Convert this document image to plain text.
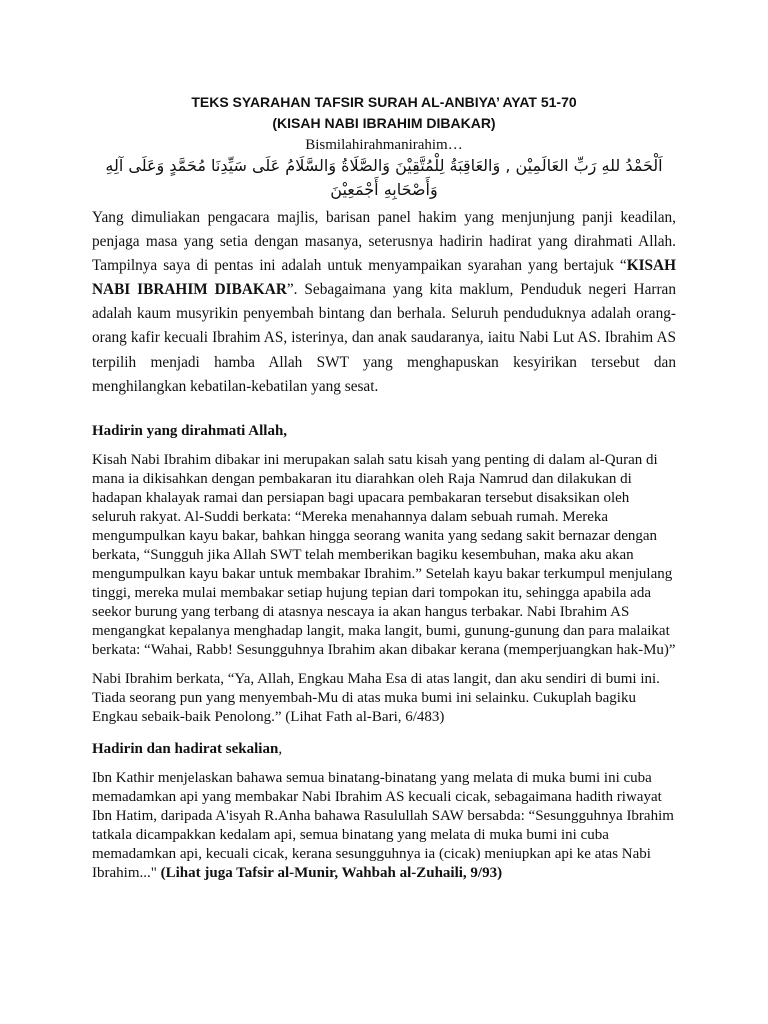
TEKS SYARAHAN TAFSIR SURAH AL-ANBIYA’ AYAT 51-70
(KISAH NABI IBRAHIM DIBAKAR)
Bismilahirahmanirahim…
اَلْحَمْدُ للهِ رَبِّ العَالَمِيْن , وَالعَاقِبَةُ لِلْمُتَّقِيْنَ وَالصَّلَاةُ وَالسَّلَامُ عَلَى سَيِّدِنَا مُحَمَّدٍ وَعَلَى آلِهِ
وَأَصْحَابِهِ أَجْمَعِيْنَ

Yang dimuliakan pengacara majlis, barisan panel hakim yang menjunjung panji keadilan, penjaga masa yang setia dengan masanya, seterusnya hadirin hadirat yang dirahmati Allah. Tampilnya saya di pentas ini adalah untuk menyampaikan syarahan yang bertajuk “KISAH NABI IBRAHIM DIBAKAR”. Sebagaimana yang kita maklum, Penduduk negeri Harran adalah kaum musyrikin penyembah bintang dan berhala. Seluruh penduduknya adalah orang-orang kafir kecuali Ibrahim AS, isterinya, dan anak saudaranya, iaitu Nabi Lut AS. Ibrahim AS terpilih menjadi hamba Allah SWT yang menghapuskan kesyirikan tersebut dan menghilangkan kebatilan-kebatilan yang sesat.

Hadirin yang dirahmati Allah,

Kisah Nabi Ibrahim dibakar ini merupakan salah satu kisah yang penting di dalam al-Quran di mana ia dikisahkan dengan pembakaran itu diarahkan oleh Raja Namrud dan dilakukan di hadapan khalayak ramai dan persiapan bagi upacara pembakaran tersebut disaksikan oleh seluruh rakyat. Al-Suddi berkata: “Mereka menahannya dalam sebuah rumah. Mereka mengumpulkan kayu bakar, bahkan hingga seorang wanita yang sedang sakit bernazar dengan berkata, “Sungguh jika Allah SWT telah memberikan bagiku kesembuhan, maka aku akan mengumpulkan kayu bakar untuk membakar Ibrahim.” Setelah kayu bakar terkumpul menjulang tinggi, mereka mulai membakar setiap hujung tepian dari tompokan itu, sehingga apabila ada seekor burung yang terbang di atasnya nescaya ia akan hangus terbakar. Nabi Ibrahim AS mengangkat kepalanya menghadap langit, maka langit, bumi, gunung-gunung dan para malaikat berkata: “Wahai, Rabb! Sesungguhnya Ibrahim akan dibakar kerana (memperjuangkan hak-Mu)”

Nabi Ibrahim berkata, “Ya, Allah, Engkau Maha Esa di atas langit, dan aku sendiri di bumi ini. Tiada seorang pun yang menyembah-Mu di atas muka bumi ini selainku. Cukuplah bagiku Engkau sebaik-baik Penolong.” (Lihat Fath al-Bari, 6/483)

Hadirin dan hadirat sekalian,

Ibn Kathir menjelaskan bahawa semua binatang-binatang yang melata di muka bumi ini cuba memadamkan api yang membakar Nabi Ibrahim AS kecuali cicak, sebagaimana hadith riwayat Ibn Hatim, daripada A'isyah R.Anha bahawa Rasulullah SAW bersabda: “Sesungguhnya Ibrahim tatkala dicampakkan kedalam api, semua binatang yang melata di muka bumi ini cuba memadamkan api, kecuali cicak, kerana sesungguhnya ia (cicak) meniupkan api ke atas Nabi Ibrahim..." (Lihat juga Tafsir al-Munir, Wahbah al-Zuhaili, 9/93)
